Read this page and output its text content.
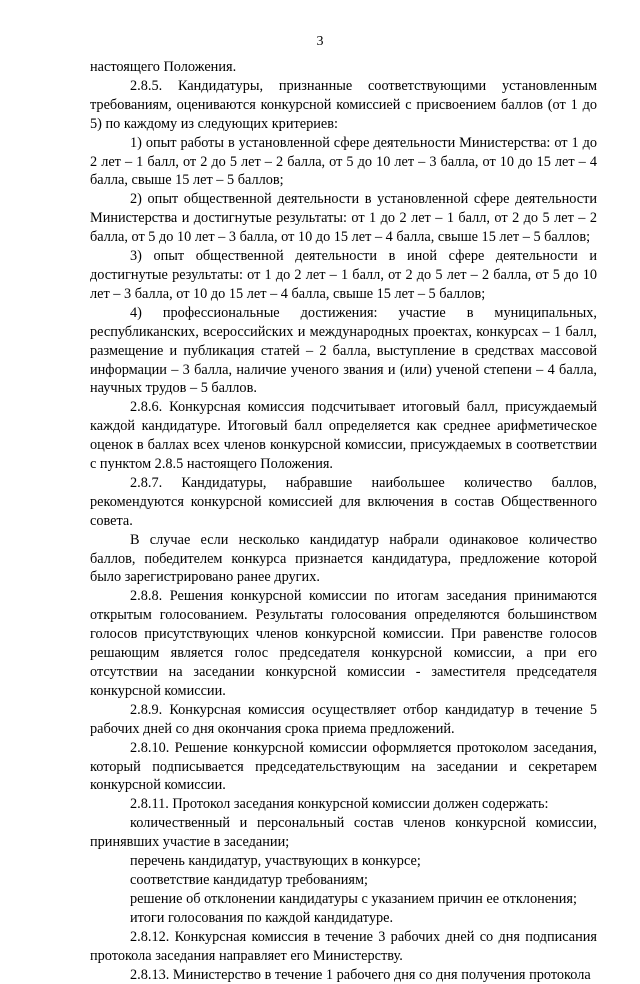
3

настоящего Положения.

2.8.5. Кандидатуры, признанные соответствующими установленным требованиям, оцениваются конкурсной комиссией с присвоением баллов (от 1 до 5) по каждому из следующих критериев:

1) опыт работы в установленной сфере деятельности Министерства: от 1 до 2 лет – 1 балл, от 2 до 5 лет – 2 балла, от 5 до 10 лет – 3 балла, от 10 до 15 лет – 4 балла, свыше 15 лет – 5 баллов;

2) опыт общественной деятельности в установленной сфере деятельности Министерства и достигнутые результаты: от 1 до 2 лет – 1 балл, от 2 до 5 лет – 2 балла, от 5 до 10 лет – 3 балла, от 10 до 15 лет – 4 балла, свыше 15 лет – 5 баллов;

3) опыт общественной деятельности в иной сфере деятельности и достигнутые результаты: от 1 до 2 лет – 1 балл, от 2 до 5 лет – 2 балла, от 5 до 10 лет – 3 балла, от 10 до 15 лет – 4 балла, свыше 15 лет – 5 баллов;

4) профессиональные достижения: участие в муниципальных, республиканских, всероссийских и международных проектах, конкурсах – 1 балл, размещение и публикация статей – 2 балла, выступление в средствах массовой информации – 3 балла, наличие ученого звания и (или) ученой степени – 4 балла, научных трудов – 5 баллов.

2.8.6. Конкурсная комиссия подсчитывает итоговый балл, присуждаемый каждой кандидатуре. Итоговый балл определяется как среднее арифметическое оценок в баллах всех членов конкурсной комиссии, присуждаемых в соответствии с пунктом 2.8.5 настоящего Положения.

2.8.7. Кандидатуры, набравшие наибольшее количество баллов, рекомендуются конкурсной комиссией для включения в состав Общественного совета.

В случае если несколько кандидатур набрали одинаковое количество баллов, победителем конкурса признается кандидатура, предложение которой было зарегистрировано ранее других.

2.8.8. Решения конкурсной комиссии по итогам заседания принимаются открытым голосованием. Результаты голосования определяются большинством голосов присутствующих членов конкурсной комиссии. При равенстве голосов решающим является голос председателя конкурсной комиссии, а при его отсутствии на заседании конкурсной комиссии - заместителя председателя конкурсной комиссии.

2.8.9. Конкурсная комиссия осуществляет отбор кандидатур в течение 5 рабочих дней со дня окончания срока приема предложений.

2.8.10. Решение конкурсной комиссии оформляется протоколом заседания, который подписывается председательствующим на заседании и секретарем конкурсной комиссии.

2.8.11. Протокол заседания конкурсной комиссии должен содержать:

количественный и персональный состав членов конкурсной комиссии, принявших участие в заседании;

перечень кандидатур, участвующих в конкурсе;

соответствие кандидатур требованиям;

решение об отклонении кандидатуры с указанием причин ее отклонения;

итоги голосования по каждой кандидатуре.

2.8.12. Конкурсная комиссия в течение 3 рабочих дней со дня подписания протокола заседания направляет его Министерству.

2.8.13. Министерство в течение 1 рабочего дня со дня получения протокола
